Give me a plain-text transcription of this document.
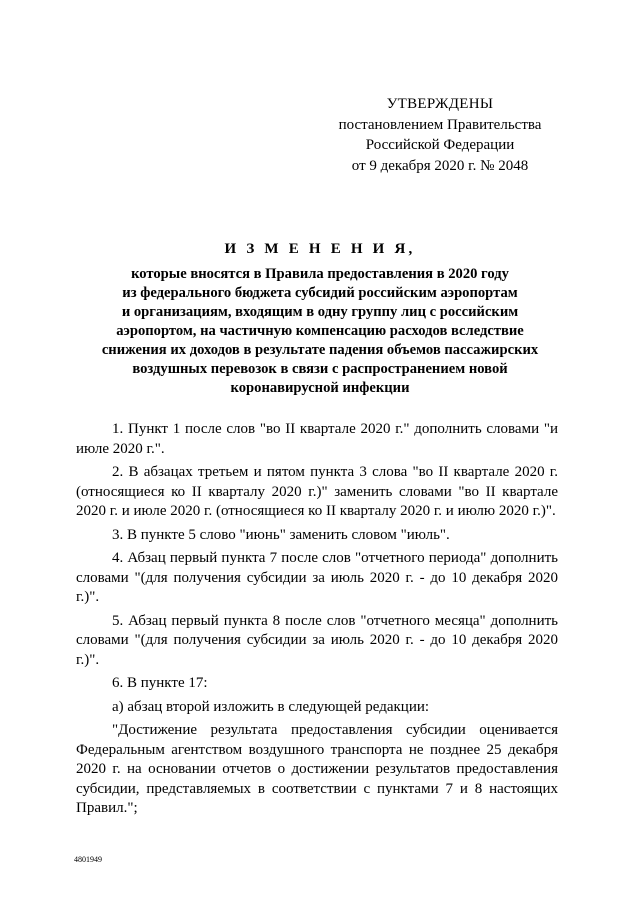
УТВЕРЖДЕНЫ
постановлением Правительства
Российской Федерации
от 9 декабря 2020 г. № 2048
И З М Е Н Е Н И Я,
которые вносятся в Правила предоставления в 2020 году
из федерального бюджета субсидий российским аэропортам
и организациям, входящим в одну группу лиц с российским
аэропортом, на частичную компенсацию расходов вследствие
снижения их доходов в результате падения объемов пассажирских
воздушных перевозок в связи с распространением новой
коронавирусной инфекции

1. Пункт 1 после слов "во II квартале 2020 г." дополнить словами "и июле 2020 г.".

2. В абзацах третьем и пятом пункта 3 слова "во II квартале 2020 г. (относящиеся ко II кварталу 2020 г.)" заменить словами "во II квартале 2020 г. и июле 2020 г. (относящиеся ко II кварталу 2020 г. и июлю 2020 г.)".

3. В пункте 5 слово "июнь" заменить словом "июль".

4. Абзац первый пункта 7 после слов "отчетного периода" дополнить словами "(для получения субсидии за июль 2020 г. - до 10 декабря 2020 г.)".

5. Абзац первый пункта 8 после слов "отчетного месяца" дополнить словами "(для получения субсидии за июль 2020 г. - до 10 декабря 2020 г.)".

6. В пункте 17:

а) абзац второй изложить в следующей редакции:

"Достижение результата предоставления субсидии оценивается Федеральным агентством воздушного транспорта не позднее 25 декабря 2020 г. на основании отчетов о достижении результатов предоставления субсидии, представляемых в соответствии с пунктами 7 и 8 настоящих Правил.";

4801949
